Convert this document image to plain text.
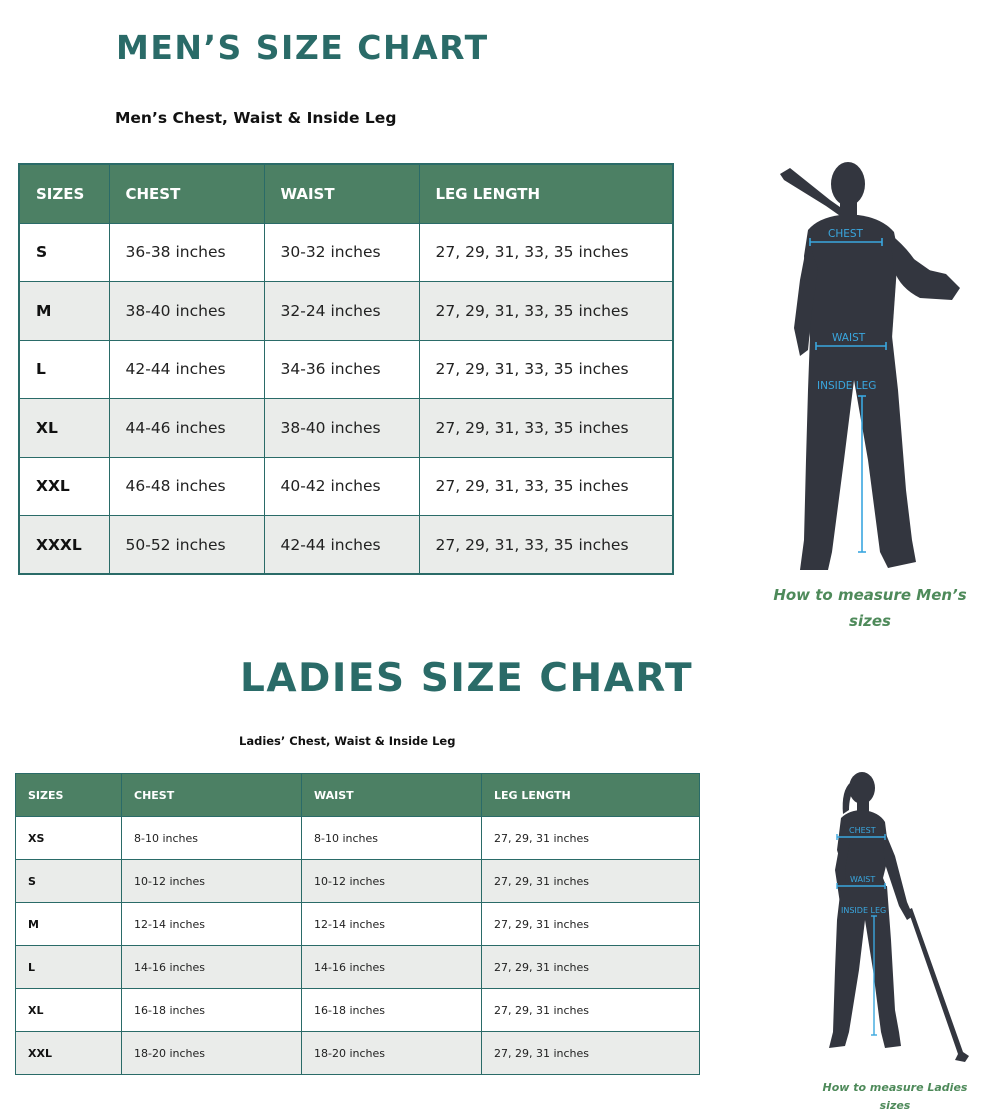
MEN’S SIZE CHART
Men’s Chest, Waist & Inside Leg
SIZES	CHEST	WAIST	LEG LENGTH
S	36-38 inches	30-32 inches	27, 29, 31, 33, 35 inches
M	38-40 inches	32-24 inches	27, 29, 31, 33, 35 inches
L	42-44 inches	34-36 inches	27, 29, 31, 33, 35 inches
XL	44-46 inches	38-40 inches	27, 29, 31, 33, 35 inches
XXL	46-48 inches	40-42 inches	27, 29, 31, 33, 35 inches
XXXL	50-52 inches	42-44 inches	27, 29, 31, 33, 35 inches
CHEST
WAIST
INSIDE LEG
How to measure Men’s
sizes
LADIES SIZE CHART
Ladies’ Chest, Waist & Inside Leg
SIZES	CHEST	WAIST	LEG LENGTH
XS	8-10 inches	8-10 inches	27, 29, 31 inches
S	10-12 inches	10-12 inches	27, 29, 31 inches
M	12-14 inches	12-14 inches	27, 29, 31 inches
L	14-16 inches	14-16 inches	27, 29, 31 inches
XL	16-18 inches	16-18 inches	27, 29, 31 inches
XXL	18-20 inches	18-20 inches	27, 29, 31 inches
CHEST
WAIST
INSIDE LEG
How to measure Ladies
sizes
